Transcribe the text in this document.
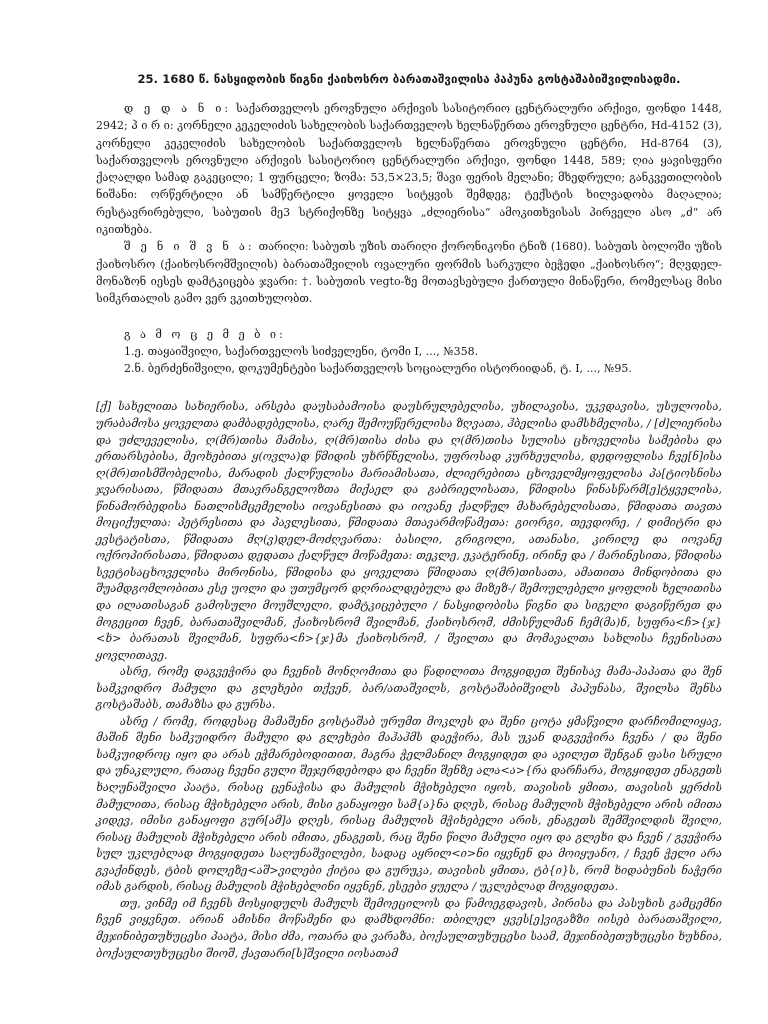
25. 1680 წ. ნასყიდობის წიგნი ქაიხოსრო ბარათაშვილისა პაპუნა გოსტაშაბიშვილისადმი.

დ ე დ ა ნ ი: საქართველოს ეროვნული არქივის სასიტორიო ცენტრალური არქივი, ფონდი 1448, 2942; პ ი რ ი: კორნელი კეკელიძის სახელობის საქართველოს ხელნაწერთა ეროვნული ცენტრი, Hd-4152 (3), კორნელი კეკელიძის სახელობის საქართველოს ხელნაწერთა ეროვნული ცენტრი, Hd-8764 (3), საქართველოს ეროვნული არქივის სასიტორიო ცენტრალური არქივი, ფონდი 1448, 589; ღია ყავისფერი ქაღალდი სამად გაკეცილი; 1 ფურცელი; ზომა: 53,5×23,5; შავი ფერის მელანი; მხედრული; განკვეთილობის ნიშანი: ორწერტილი ან სამწერტილი ყოველი სიტყვის შემდეგ; ტექსტის ხილვადობა მაღალია; რესტავრირებული, საბუთის მე3 სტრიქონზე სიტყვა „ძლიერისა“ ამოკითხვისას პირველი ასო „ძ“ არ იკითხება.

შ ე ნ ი შ ვ ნ ა: თარიღი: საბუთს უზის თარიღი ქორონიკონი ტნიზ (1680). საბუთს ბოლოში უზის ქაიხოსრო (ქაიხოსრომშვილის) ბარათაშვილის ოვალური ფორმის სარკული ბეჭედი „ქაიხოსრო“; მღვდელ-მონაზონ იესეს დამტკიცება ჯვარი: †. საბუთის vegto-ზე მოთავსებული ქართული მინაწერი, რომელსაც მისი სიმკრთალის გამო ვერ ვკითხულობთ.

გ ა მ ო ც ე მ ე ბ ი:
1.ე. თაყაიშვილი, საქართველოს სიძველენი, ტომი I, ..., №358.
2.ნ. ბერძენიშვილი, დოკუმენტები საქართველოს სოციალური ისტორიიდან, ტ. I, ..., №95.

[ქ] სახელითა სახიერისა, არსება დაუსაბამოისა დაუსრულებელისა, უხილავისა, უკვდავისა, უსულოისა, ურაბამოსა ყოველთა დამბადებელისა, ღარე შემოუწერელისა ზღვათა, ჰბელისა დამსხმელისა, / [ძ]ლიერისა და უძლეველისა, ღ(მრ)თისა მამისა, ღ(მრ)თისა ძისა და ღ(მრ)თისა სულისა ცხოველისა სამებისა და ერთარსებისა, მეოხებითა ყ(ოვლა)დ წმიდის უხრწნელისა, უფროსად კურხეულისა, დედოფლისა ჩვე[ნ]ისა ღ(მრ)თისმშობელისა, მარადის ქალწულისა მარიამისათა, ძლიერებითა ცხოველმყოფელისა პა[ტიოსნისა ჯვარისათა, წმიდათა მთავრანგელოზთა მიქაელ და გაბრიელისათა, წმიდისა წინასწარმ[ე]ტყველისა, წინამორბედისა ნათლისმცემელისა იოვანესითა და იოვანე ქალწულ მახარებელისათა, წმიდათა თავთა მოციქულთა: პეტრესითა და პავლესითა, წმიდათა მთავარმოწამეთა: გიორგი, თევდორე, / დიმიტრი და ევსტატისთა, წმიდათა მღ(ვ)დელ-მოძღვართა: ბასილი, გრიგოლი, ათანასი, კირილე და იოვანე ოქროპირისათა, წმიდათა დედათა ქალწულ მოწამეთა: თეკლე, ეკატერინე, ირინე და / მარინესითა, წმიდისა სვეტისაცხოველისა მირონისა, წმიდისა და ყოველთა წმიდათა ღ(მრ)თისათა, ამათითა მინდობითა და შუამდგომლობითა ესე უოლი და უთუმცორ დღრიალდებულა და მიზეზ-/ შემოულებელი ყოფლის ხელითისა და ილათისაგან გამოსული მოუშლელი, დამტკიცებული / ნასყიდობისა წიგნი და სიგელი დაგიწერეთ და მოგეცით ჩვენ, ბარათაშვილმან, ქაიხოსრომ შვილმან, ქაიხოსრომ, ძმისწულმან ჩემ(მა)ნ, სუფრა<ჩ>{ჯ}<ხ> ბარათას შვილმან, სუფრა<ჩ>{ჯ}მა ქაიხოსრომ, / შვილთა და მომავალთა სახლისა ჩვენისათა ყოვლითავე.

ასრე, რომე დაგვეჭირა და ჩვენის მონღომითა და წადილითა მოგყიდეთ შენისავ მამა-პაპათა და შენ სამკვიდრო მამული და გლეხები თქვენ, ბარ/ათაშვილს, გოსტაშაბიშვილს პაპუნასა, შვილსა შენსა გოსტაშაბს, თამაზსა და გურსა.

ასრე / რომე, როდესაც მამაშენი გოსტაშაბ ურუმთ მოკლეს და შენი ცოტა ყმაწვილი დარჩომილიყავ, მაშინ შენი სამკუიდრო მამული და გლეხები მაჰაჰმს დაეჭირა, მას უკან დაგვეჭირა ჩვენა / და შენი სამკუიდროც იყო და არას ეჭმარებოდითით, მაგრა ჭელმანილ მოგყიდეთ და ავილეთ შენგან ფასი სრული და უნაკლული, რათაც ჩვენი გული შეჯერდებოდა და ჩვენი შენზე ალა<ა>{რა დარჩარა, მოგყიდეთ ენაგეთს ხაღუნაშვილი პაატა, რისაც ცენაჭისა და მამულის მჭიხებელი იყოს, თავისის ყმითა, თავისის ყერძის მამულითა, რისაც მჭიხებელი არის, მისი განაყოფი სამ{ა}ნა დღეს, რისაც მამულის მჭიხებელი არის იმითა კიდევ, იმისი განაყოფი გურ[ამ]ა დღეს, რისაც მამულის მჭიხებელი არის, ენაგეთს შემშვილდის შვილი, რისაც მამულის მჭიხებელი არის იმითა, ენაგეთს, რაც შენი წილი მამული იყო და გლეხი და ჩვენ / გვეჭირა სულ უკლებლად მოგყიდეთა საღუნაშვილები, სადაც აყრილ<ი>ნი იყვნენ და მოიყუანო, / ჩვენ ჭელი არა გვაქინდეს, ტბის დოლეზე<აშ>ვილები ქიტია და გურუკა, თავისის ყმითა, ტბ{ი}ს, რომ ხიდაბუნის ნაჭერი იმას გარდის, რისაც მამულის მჭიხებლინი იყვნენ, ესეები ყუელა / უკლებლად მოგყიდეთა.

თუ, ვინმე იმ ჩვენს მოსყიდულს მამულს შემოეცილოს და წამოეგდავოს, პირისა და პასუხის გამცემნი ჩვენ ვიყვნეთ. არიან ამისნი მოწამენი და დამხდომნი: თბილელ ყვეს[ე]ვიგაზზი იისებ ბარათაშვილი, მეჯინიბეთუხუცესი პაატა, მისი ძმა, ოთარა და ვარაზა, ბოქაულთუხუცესი საამ, მეჯინიბეთუხუცესი ხუხნია, ბოქაულთუხუცესი შიოშ, ქავთარი[ს]შვილი იოსათამ
